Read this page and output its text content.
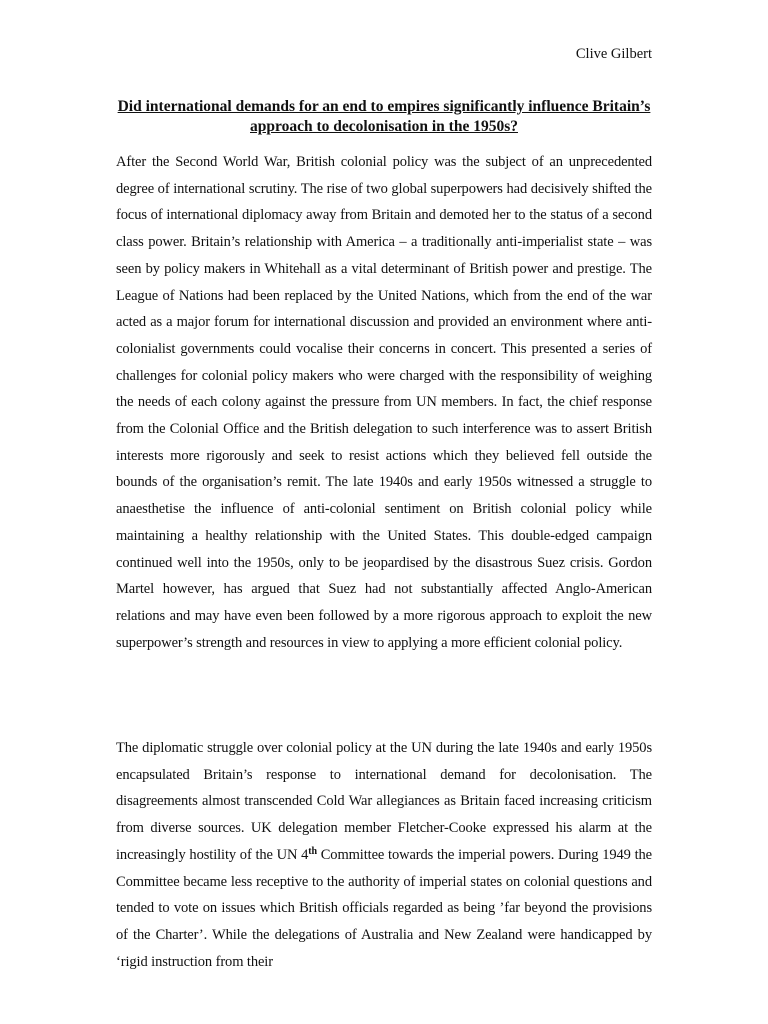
Clive Gilbert
Did international demands for an end to empires significantly influence Britain’s approach to decolonisation in the 1950s?

After the Second World War, British colonial policy was the subject of an unprecedented degree of international scrutiny. The rise of two global superpowers had decisively shifted the focus of international diplomacy away from Britain and demoted her to the status of a second class power. Britain’s relationship with America – a traditionally anti-imperialist state – was seen by policy makers in Whitehall as a vital determinant of British power and prestige. The League of Nations had been replaced by the United Nations, which from the end of the war acted as a major forum for international discussion and provided an environment where anti-colonialist governments could vocalise their concerns in concert. This presented a series of challenges for colonial policy makers who were charged with the responsibility of weighing the needs of each colony against the pressure from UN members. In fact, the chief response from the Colonial Office and the British delegation to such interference was to assert British interests more rigorously and seek to resist actions which they believed fell outside the bounds of the organisation’s remit. The late 1940s and early 1950s witnessed a struggle to anaesthetise the influence of anti-colonial sentiment on British colonial policy while maintaining a healthy relationship with the United States. This double-edged campaign continued well into the 1950s, only to be jeopardised by the disastrous Suez crisis. Gordon Martel however, has argued that Suez had not substantially affected Anglo-American relations and may have even been followed by a more rigorous approach to exploit the new superpower’s strength and resources in view to applying a more efficient colonial policy.

The diplomatic struggle over colonial policy at the UN during the late 1940s and early 1950s encapsulated Britain’s response to international demand for decolonisation. The disagreements almost transcended Cold War allegiances as Britain faced increasing criticism from diverse sources. UK delegation member Fletcher-Cooke expressed his alarm at the increasingly hostility of the UN 4th Committee towards the imperial powers. During 1949 the Committee became less receptive to the authority of imperial states on colonial questions and tended to vote on issues which British officials regarded as being ’far beyond the provisions of the Charter’. While the delegations of Australia and New Zealand were handicapped by ‘rigid instruction from their
